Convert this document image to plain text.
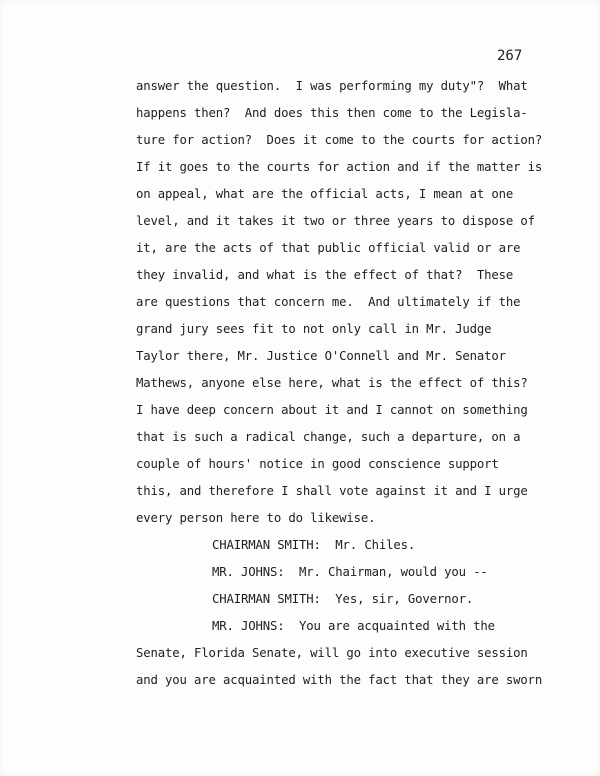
267
answer the question.  I was performing my duty"?  What
happens then?  And does this then come to the Legisla-
ture for action?  Does it come to the courts for action?
If it goes to the courts for action and if the matter is
on appeal, what are the official acts, I mean at one
level, and it takes it two or three years to dispose of
it, are the acts of that public official valid or are
they invalid, and what is the effect of that?  These
are questions that concern me.  And ultimately if the
grand jury sees fit to not only call in Mr. Judge
Taylor there, Mr. Justice O'Connell and Mr. Senator
Mathews, anyone else here, what is the effect of this?
I have deep concern about it and I cannot on something
that is such a radical change, such a departure, on a
couple of hours' notice in good conscience support
this, and therefore I shall vote against it and I urge
every person here to do likewise.
CHAIRMAN SMITH:  Mr. Chiles.
MR. JOHNS:  Mr. Chairman, would you --
CHAIRMAN SMITH:  Yes, sir, Governor.
MR. JOHNS:  You are acquainted with the
Senate, Florida Senate, will go into executive session
and you are acquainted with the fact that they are sworn
